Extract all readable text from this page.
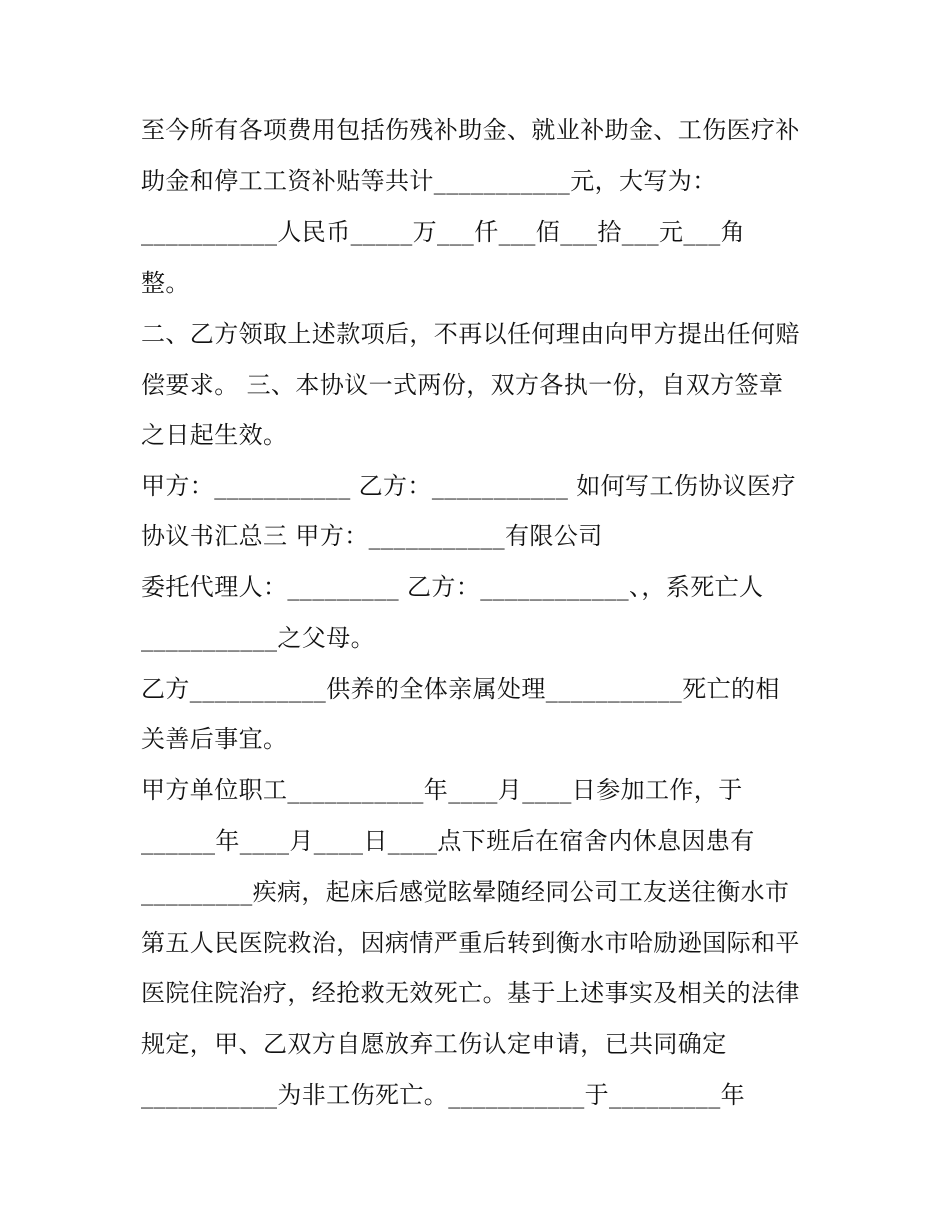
至今所有各项费用包括伤残补助金、就业补助金、工伤医疗补
助金和停工工资补贴等共计___________元，大写为：
___________人民币_____万___仟___佰___拾___元___角
整。
二、乙方领取上述款项后，不再以任何理由向甲方提出任何赔
偿要求。 三、本协议一式两份，双方各执一份，自双方签章
之日起生效。
甲方：___________ 乙方：___________ 如何写工伤协议医疗
协议书汇总三 甲方：___________有限公司
委托代理人：_________ 乙方：____________、，系死亡人
___________之父母。
乙方___________供养的全体亲属处理___________死亡的相
关善后事宜。
甲方单位职工___________年____月____日参加工作，于
______年____月____日____点下班后在宿舍内休息因患有
_________疾病，起床后感觉眩晕随经同公司工友送往衡水市
第五人民医院救治，因病情严重后转到衡水市哈励逊国际和平
医院住院治疗，经抢救无效死亡。基于上述事实及相关的法律
规定，甲、乙双方自愿放弃工伤认定申请，已共同确定
___________为非工伤死亡。___________于_________年
